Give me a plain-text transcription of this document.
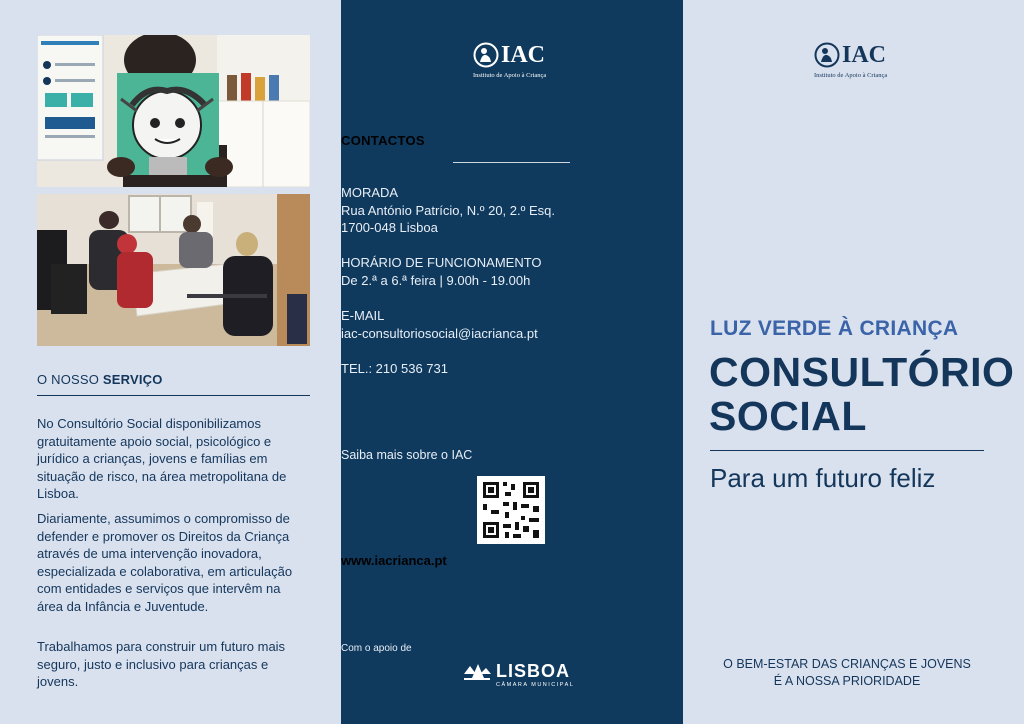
O NOSSO SERVIÇO

No Consultório Social disponibilizamos gratuitamente apoio social, psicológico e jurídico a crianças, jovens e famílias em situação de risco, na área metropolitana de Lisboa.

Diariamente, assumimos o compromisso de defender e promover os Direitos da Criança através de uma intervenção inovadora, especializada e colaborativa, em articulação com entidades e serviços que intervêm na área da Infância e Juventude.

Trabalhamos para construir um futuro mais seguro, justo e inclusivo para crianças e jovens.

IAC
Instituto de Apoio à Criança
CONTACTOS
MORADA
Rua António Patrício, N.º 20, 2.º Esq.
1700-048 Lisboa
HORÁRIO DE FUNCIONAMENTO
De 2.ª a 6.ª feira | 9.00h - 19.00h
E-MAIL
iac-consultoriosocial@iacrianca.pt
TEL.: 210 536 731
Saiba mais sobre o IAC
www.iacrianca.pt
Com o apoio de
LISBOA
CÂMARA MUNICIPAL
IAC
Instituto de Apoio à Criança
LUZ VERDE À CRIANÇA
CONSULTÓRIO
SOCIAL
Para um futuro feliz
O BEM-ESTAR DAS CRIANÇAS E JOVENS
É A NOSSA PRIORIDADE
